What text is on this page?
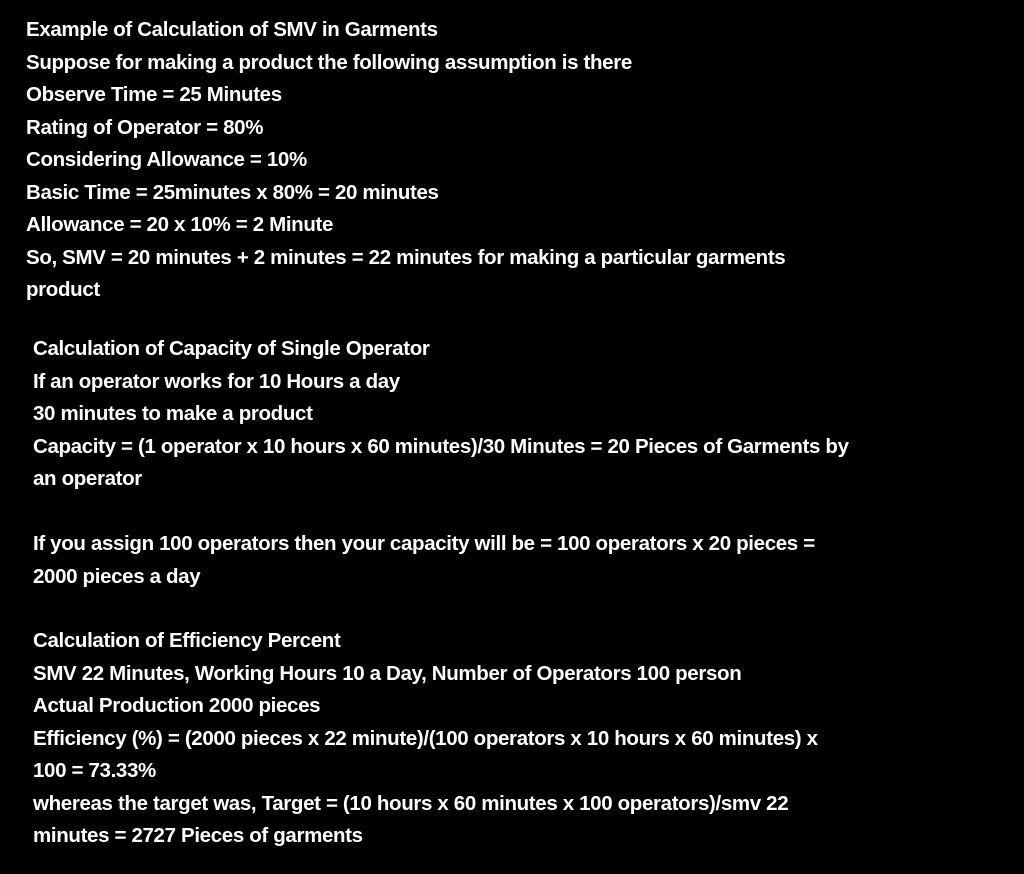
Example of Calculation of SMV in Garments
Suppose for making a product the following assumption is there
Observe Time = 25 Minutes
Rating of Operator = 80%
Considering Allowance = 10%
Basic Time = 25minutes x 80% = 20 minutes
Allowance = 20 x 10% = 2 Minute
So, SMV = 20 minutes + 2 minutes = 22 minutes for making a particular garments
product
Calculation of Capacity of Single Operator
If an operator works for 10 Hours a day
30 minutes to make a product
Capacity = (1 operator x 10 hours x 60 minutes)/30 Minutes = 20 Pieces of Garments by
an operator
If you assign 100 operators then your capacity will be = 100 operators x 20 pieces =
2000 pieces a day
Calculation of Efficiency Percent
SMV 22 Minutes, Working Hours 10 a Day, Number of Operators 100 person
Actual Production 2000 pieces
Efficiency (%) = (2000 pieces x 22 minute)/(100 operators x 10 hours x 60 minutes) x
100 = 73.33%
whereas the target was, Target = (10 hours x 60 minutes x 100 operators)/smv 22
minutes = 2727 Pieces of garments
